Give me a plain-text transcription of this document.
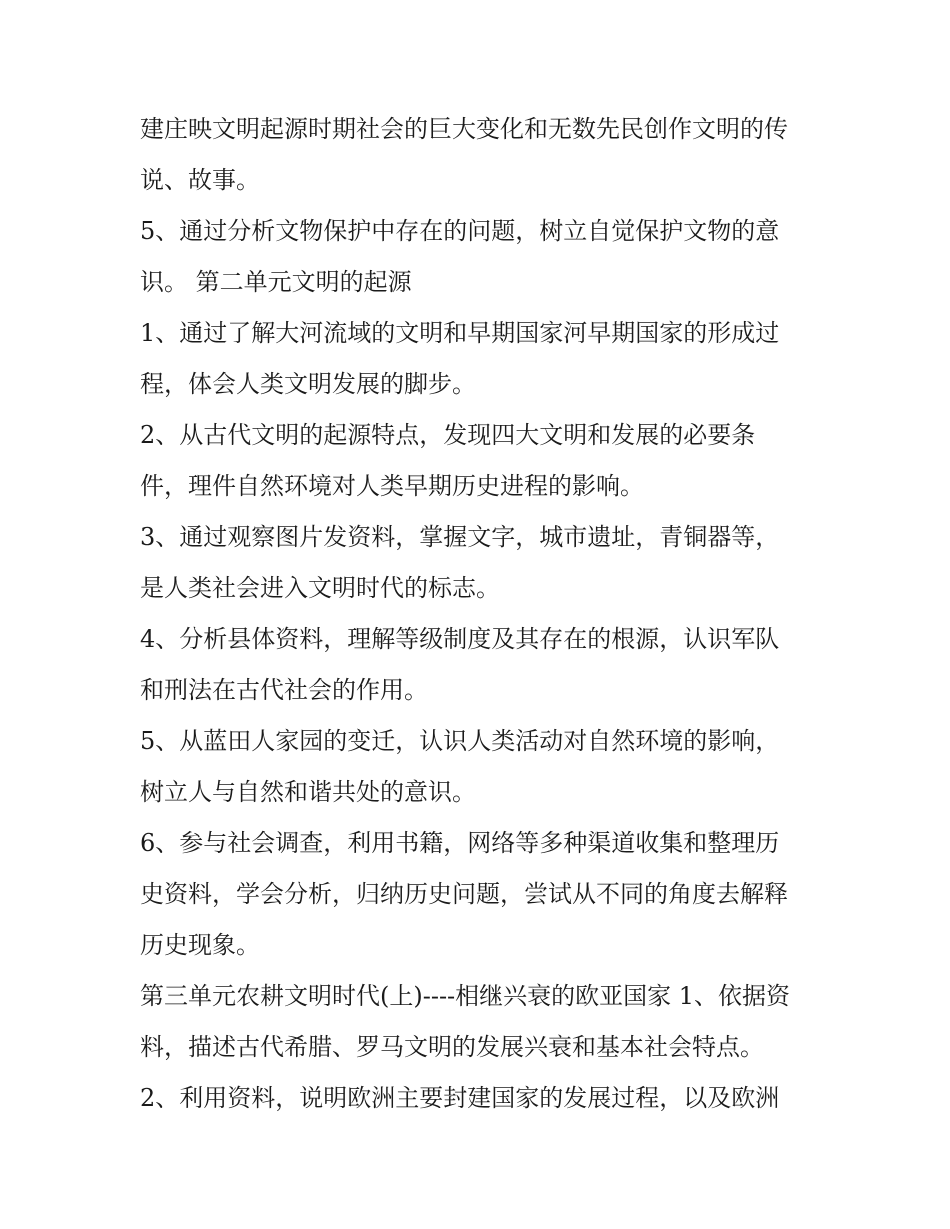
建庄映文明起源时期社会的巨大变化和无数先民创作文明的传
说、故事。
5、通过分析文物保护中存在的问题，树立自觉保护文物的意
识。 第二单元文明的起源
1、通过了解大河流域的文明和早期国家河早期国家的形成过
程，体会人类文明发展的脚步。
2、从古代文明的起源特点，发现四大文明和发展的必要条
件，理件自然环境对人类早期历史进程的影响。
3、通过观察图片发资料，掌握文字，城市遗址，青铜器等，
是人类社会进入文明时代的标志。
4、分析县体资料，理解等级制度及其存在的根源，认识军队
和刑法在古代社会的作用。
5、从蓝田人家园的变迁，认识人类活动对自然环境的影响，
树立人与自然和谐共处的意识。
6、参与社会调查，利用书籍，网络等多种渠道收集和整理历
史资料，学会分析，归纳历史问题，尝试从不同的角度去解释
历史现象。
第三单元农耕文明时代(上)----相继兴衰的欧亚国家 1、依据资
料，描述古代希腊、罗马文明的发展兴衰和基本社会特点。
2、利用资料，说明欧洲主要封建国家的发展过程，以及欧洲
